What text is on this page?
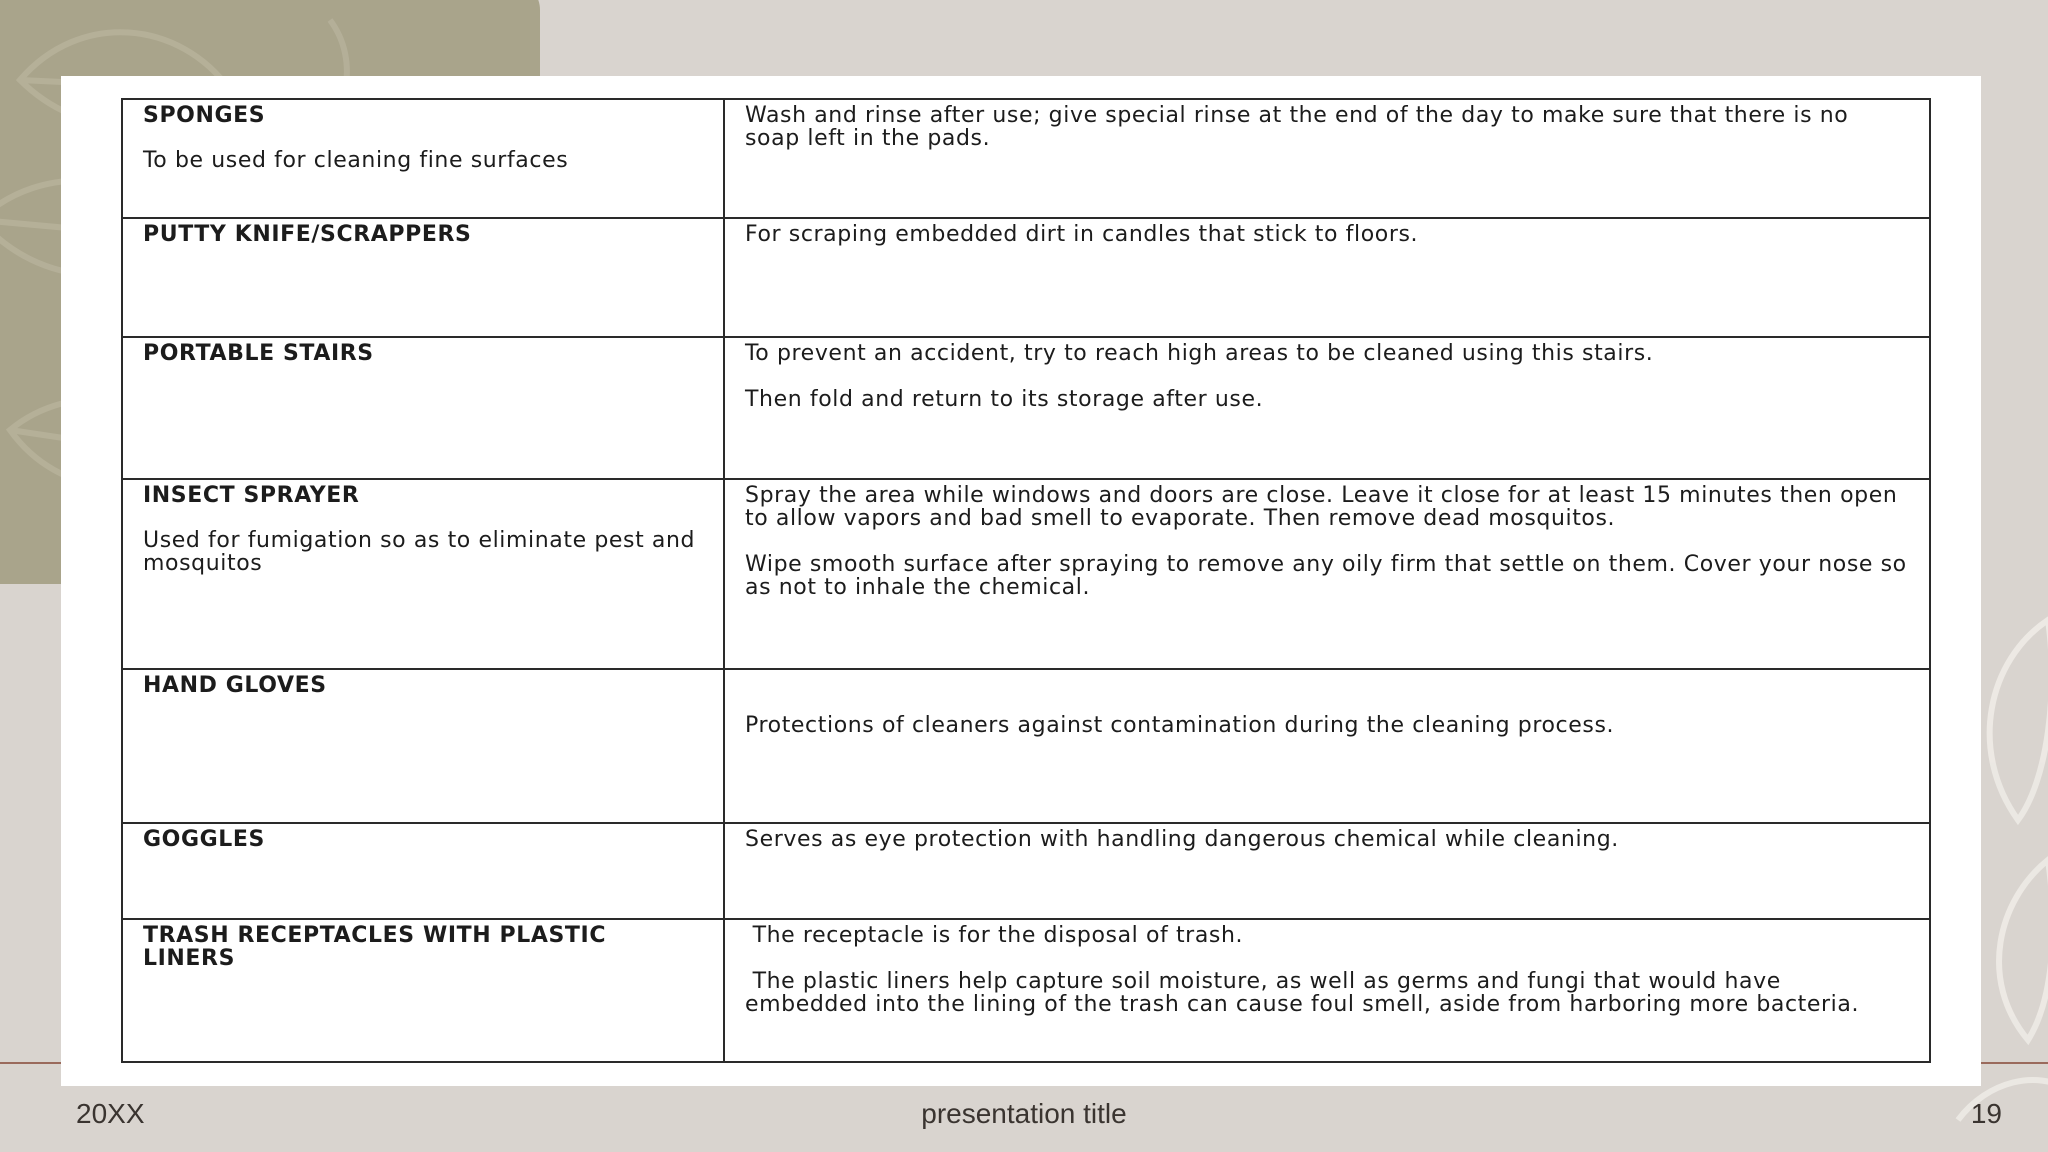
SPONGES
To be used for cleaning fine surfaces	Wash and rinse after use; give special rinse at the end of the day to make sure that there is no soap left in the pads.

PUTTY KNIFE/SCRAPPERS	For scraping embedded dirt in candles that stick to floors.

PORTABLE STAIRS	To prevent an accident, try to reach high areas to be cleaned using this stairs.
Then fold and return to its storage after use.

INSECT SPRAYER
Used for fumigation so as to eliminate pest and mosquitos	Spray the area while windows and doors are close. Leave it close for at least 15 minutes then open to allow vapors and bad smell to evaporate. Then remove dead mosquitos.
Wipe smooth surface after spraying to remove any oily firm that settle on them. Cover your nose so as not to inhale the chemical.

HAND GLOVES	Protections of cleaners against contamination during the cleaning process.

GOGGLES	Serves as eye protection with handling dangerous chemical while cleaning.

TRASH RECEPTACLES WITH PLASTIC LINERS	The receptacle is for the disposal of trash.
The plastic liners help capture soil moisture, as well as germs and fungi that would have embedded into the lining of the trash can cause foul smell, aside from harboring more bacteria.
20XX	presentation title	19
